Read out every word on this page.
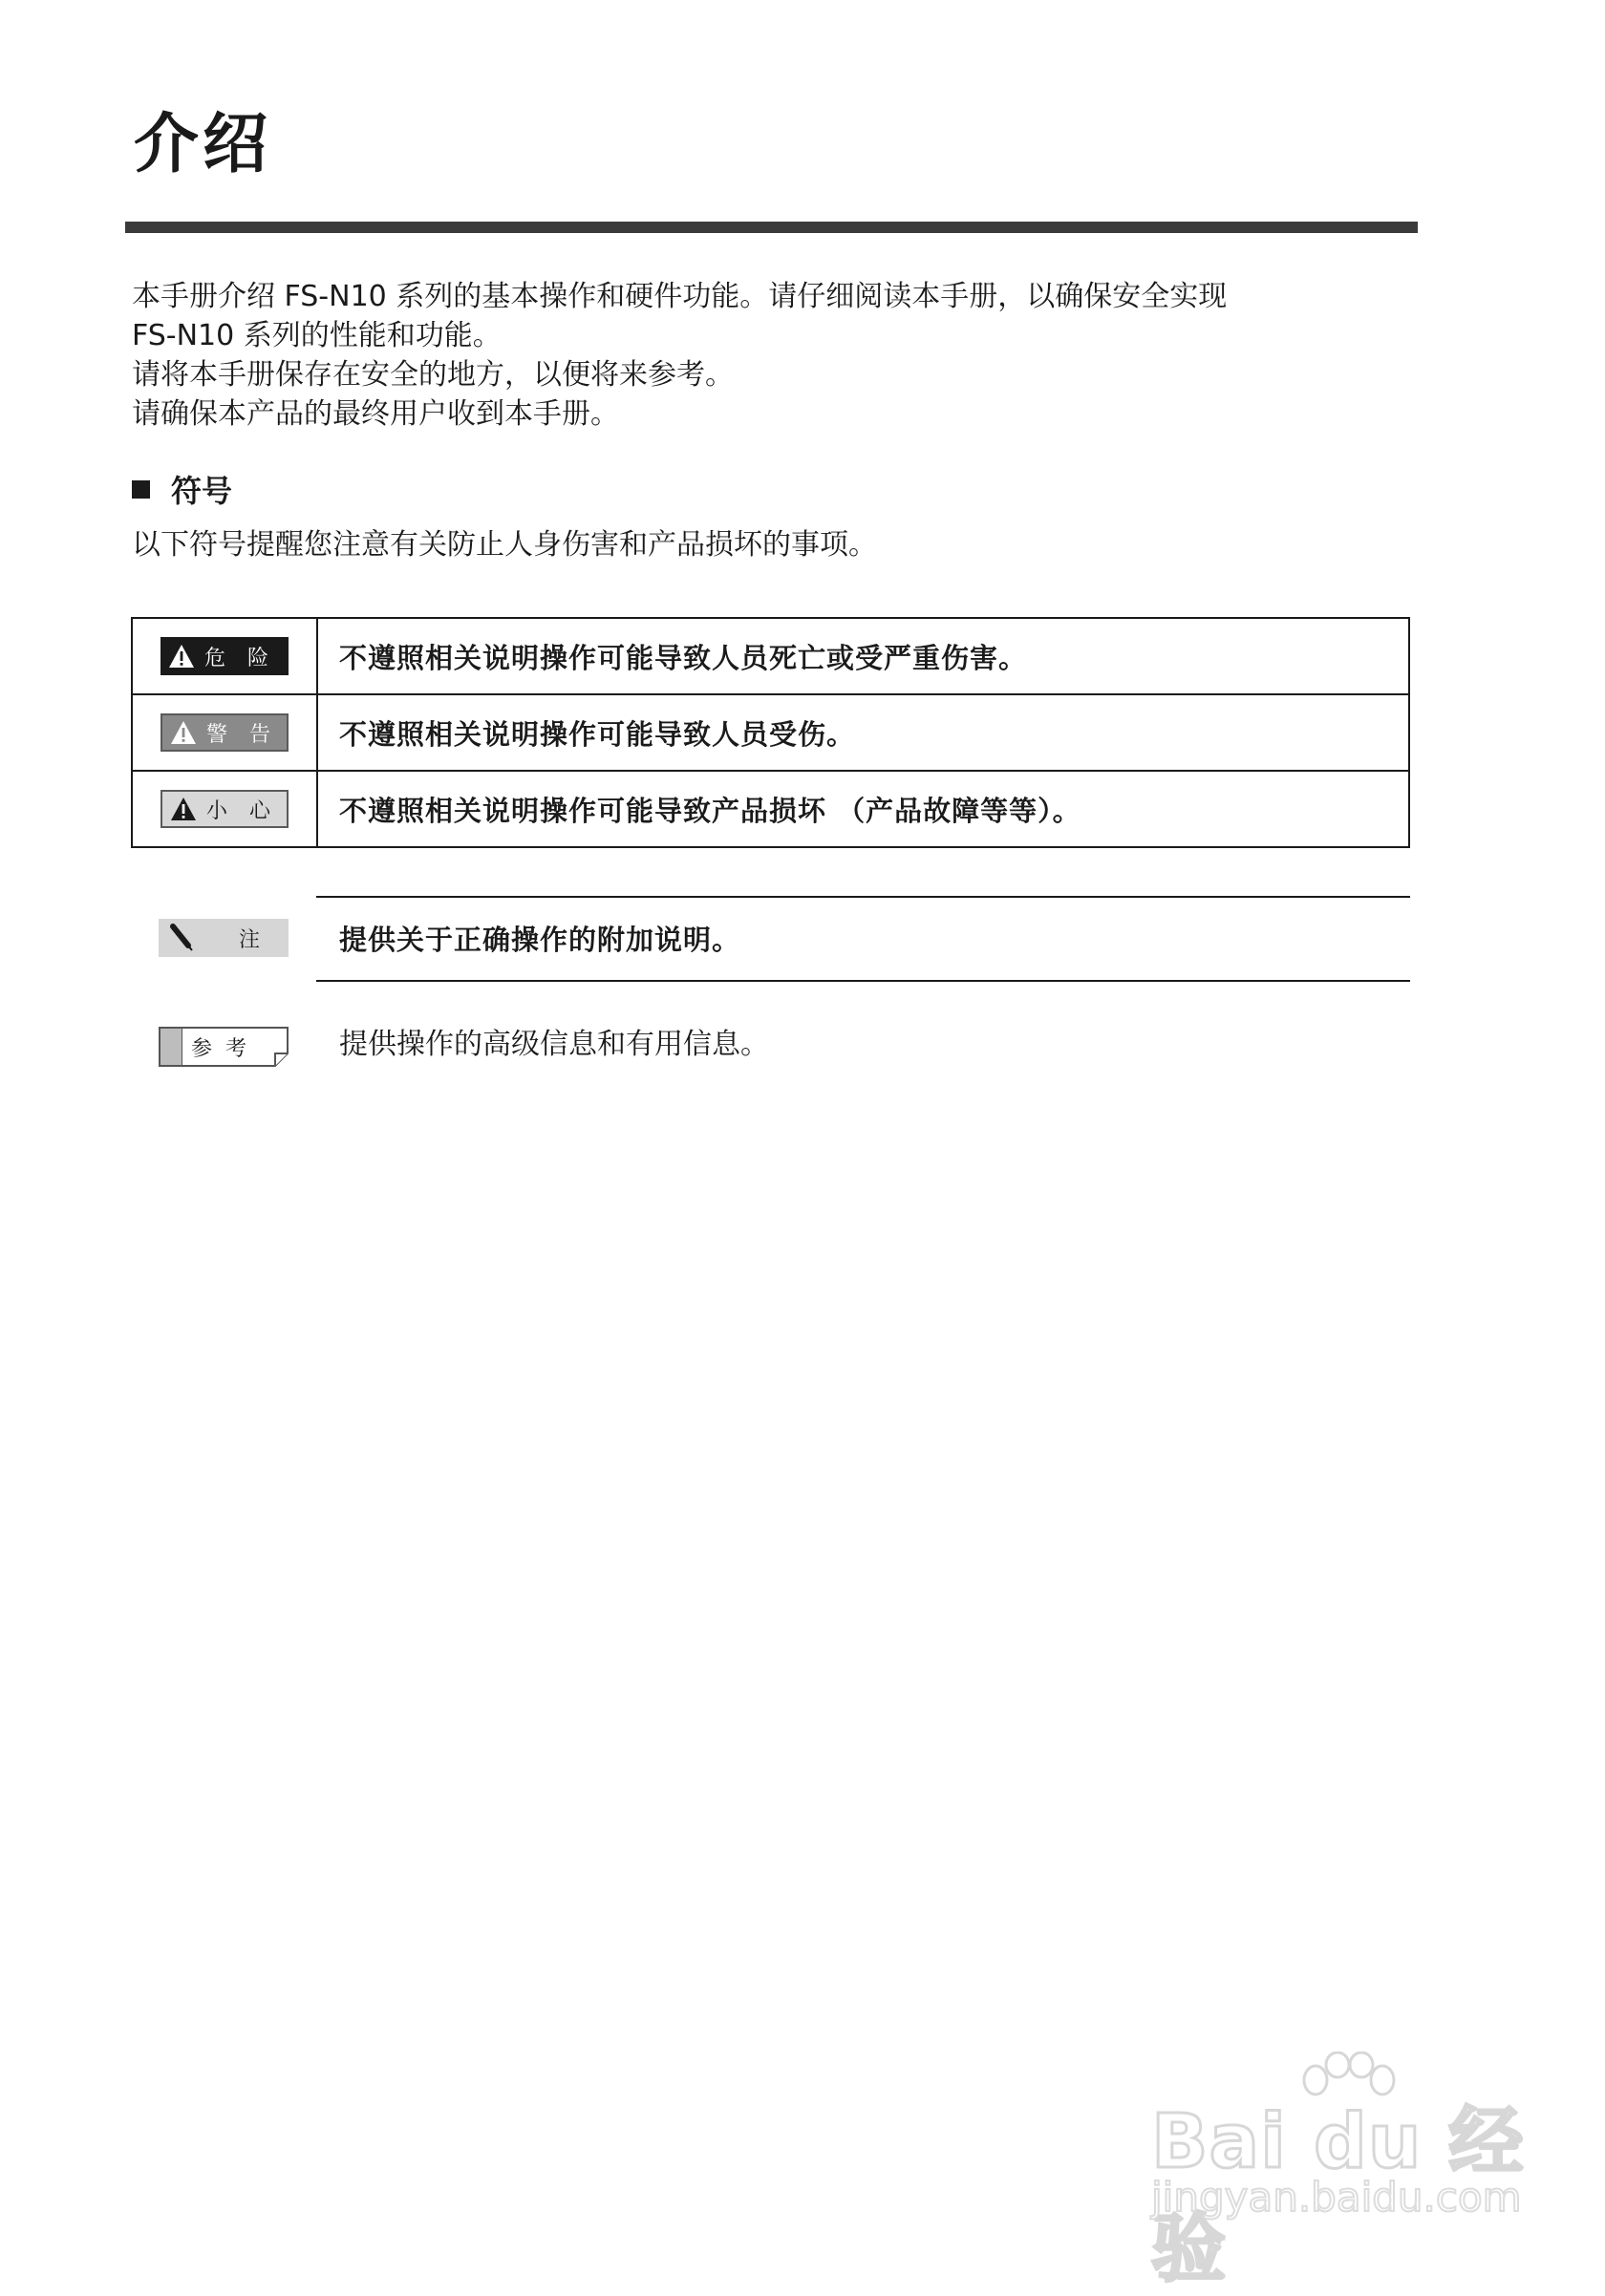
介绍
本手册介绍 FS-N10 系列的基本操作和硬件功能。请仔细阅读本手册，以确保安全实现
FS-N10 系列的性能和功能。
请将本手册保存在安全的地方，以便将来参考。
请确保本产品的最终用户收到本手册。
符号
以下符号提醒您注意有关防止人身伤害和产品损坏的事项。
危 险	不遵照相关说明操作可能导致人员死亡或受严重伤害。

警 告	不遵照相关说明操作可能导致人员受伤。

小 心	不遵照相关说明操作可能导致产品损坏 （产品故障等等）。
注	提供关于正确操作的附加说明。
参考	提供操作的高级信息和有用信息。
Bai du 经验
jingyan.baidu.com
